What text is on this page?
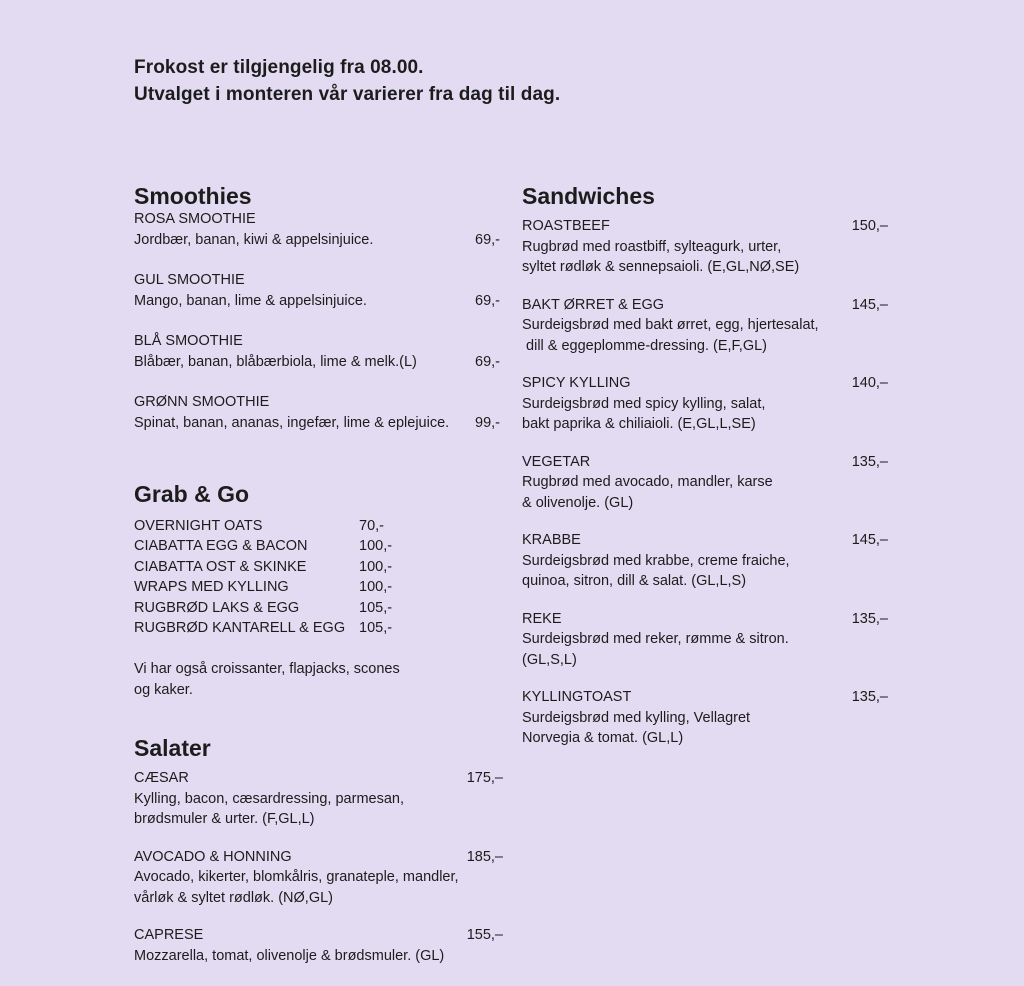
Frokost er tilgjengelig fra 08.00.

Utvalget i monteren vår varierer fra dag til dag.

Smoothies
ROSA SMOOTHIE
Jordbær, banan, kiwi & appelsinjuice.	69,-
GUL SMOOTHIE
Mango, banan, lime & appelsinjuice.	69,-
BLÅ SMOOTHIE
Blåbær, banan, blåbærbiola, lime & melk.(L)	69,-
GRØNN SMOOTHIE
Spinat, banan, ananas, ingefær, lime & eplejuice.	99,-
Grab & Go
OVERNIGHT OATS	70,-
CIABATTA EGG & BACON	100,-
CIABATTA OST & SKINKE	100,-
WRAPS MED KYLLING	100,-
RUGBRØD LAKS & EGG	105,-
RUGBRØD KANTARELL & EGG 105,-
Vi har også croissanter, flapjacks, scones
og kaker.
Salater
CÆSAR	175,–
Kylling, bacon, cæsardressing, parmesan,
brødsmuler & urter. (F,GL,L)
AVOCADO & HONNING	185,–
Avocado, kikerter, blomkålris, granateple, mandler,
vårløk & syltet rødløk. (NØ,GL)
CAPRESE	155,–
Mozzarella, tomat, olivenolje & brødsmuler. (GL)
Sandwiches
ROASTBEEF	150,–
Rugbrød med roastbiff, sylteagurk, urter,
syltet rødløk & sennepsaioli. (E,GL,NØ,SE)
BAKT ØRRET & EGG	145,–
Surdeigsbrød med bakt ørret, egg, hjertesalat,
dill & eggeplomme-dressing. (E,F,GL)
SPICY KYLLING	140,–
Surdeigsbrød med spicy kylling, salat,
bakt paprika & chiliaioli. (E,GL,L,SE)
VEGETAR	135,–
Rugbrød med avocado, mandler, karse
& olivenolje. (GL)
KRABBE	145,–
Surdeigsbrød med krabbe, creme fraiche,
quinoa, sitron, dill & salat. (GL,L,S)
REKE	135,–
Surdeigsbrød med reker, rømme & sitron.
(GL,S,L)
KYLLINGTOAST	135,–
Surdeigsbrød med kylling, Vellagret
Norvegia & tomat. (GL,L)
